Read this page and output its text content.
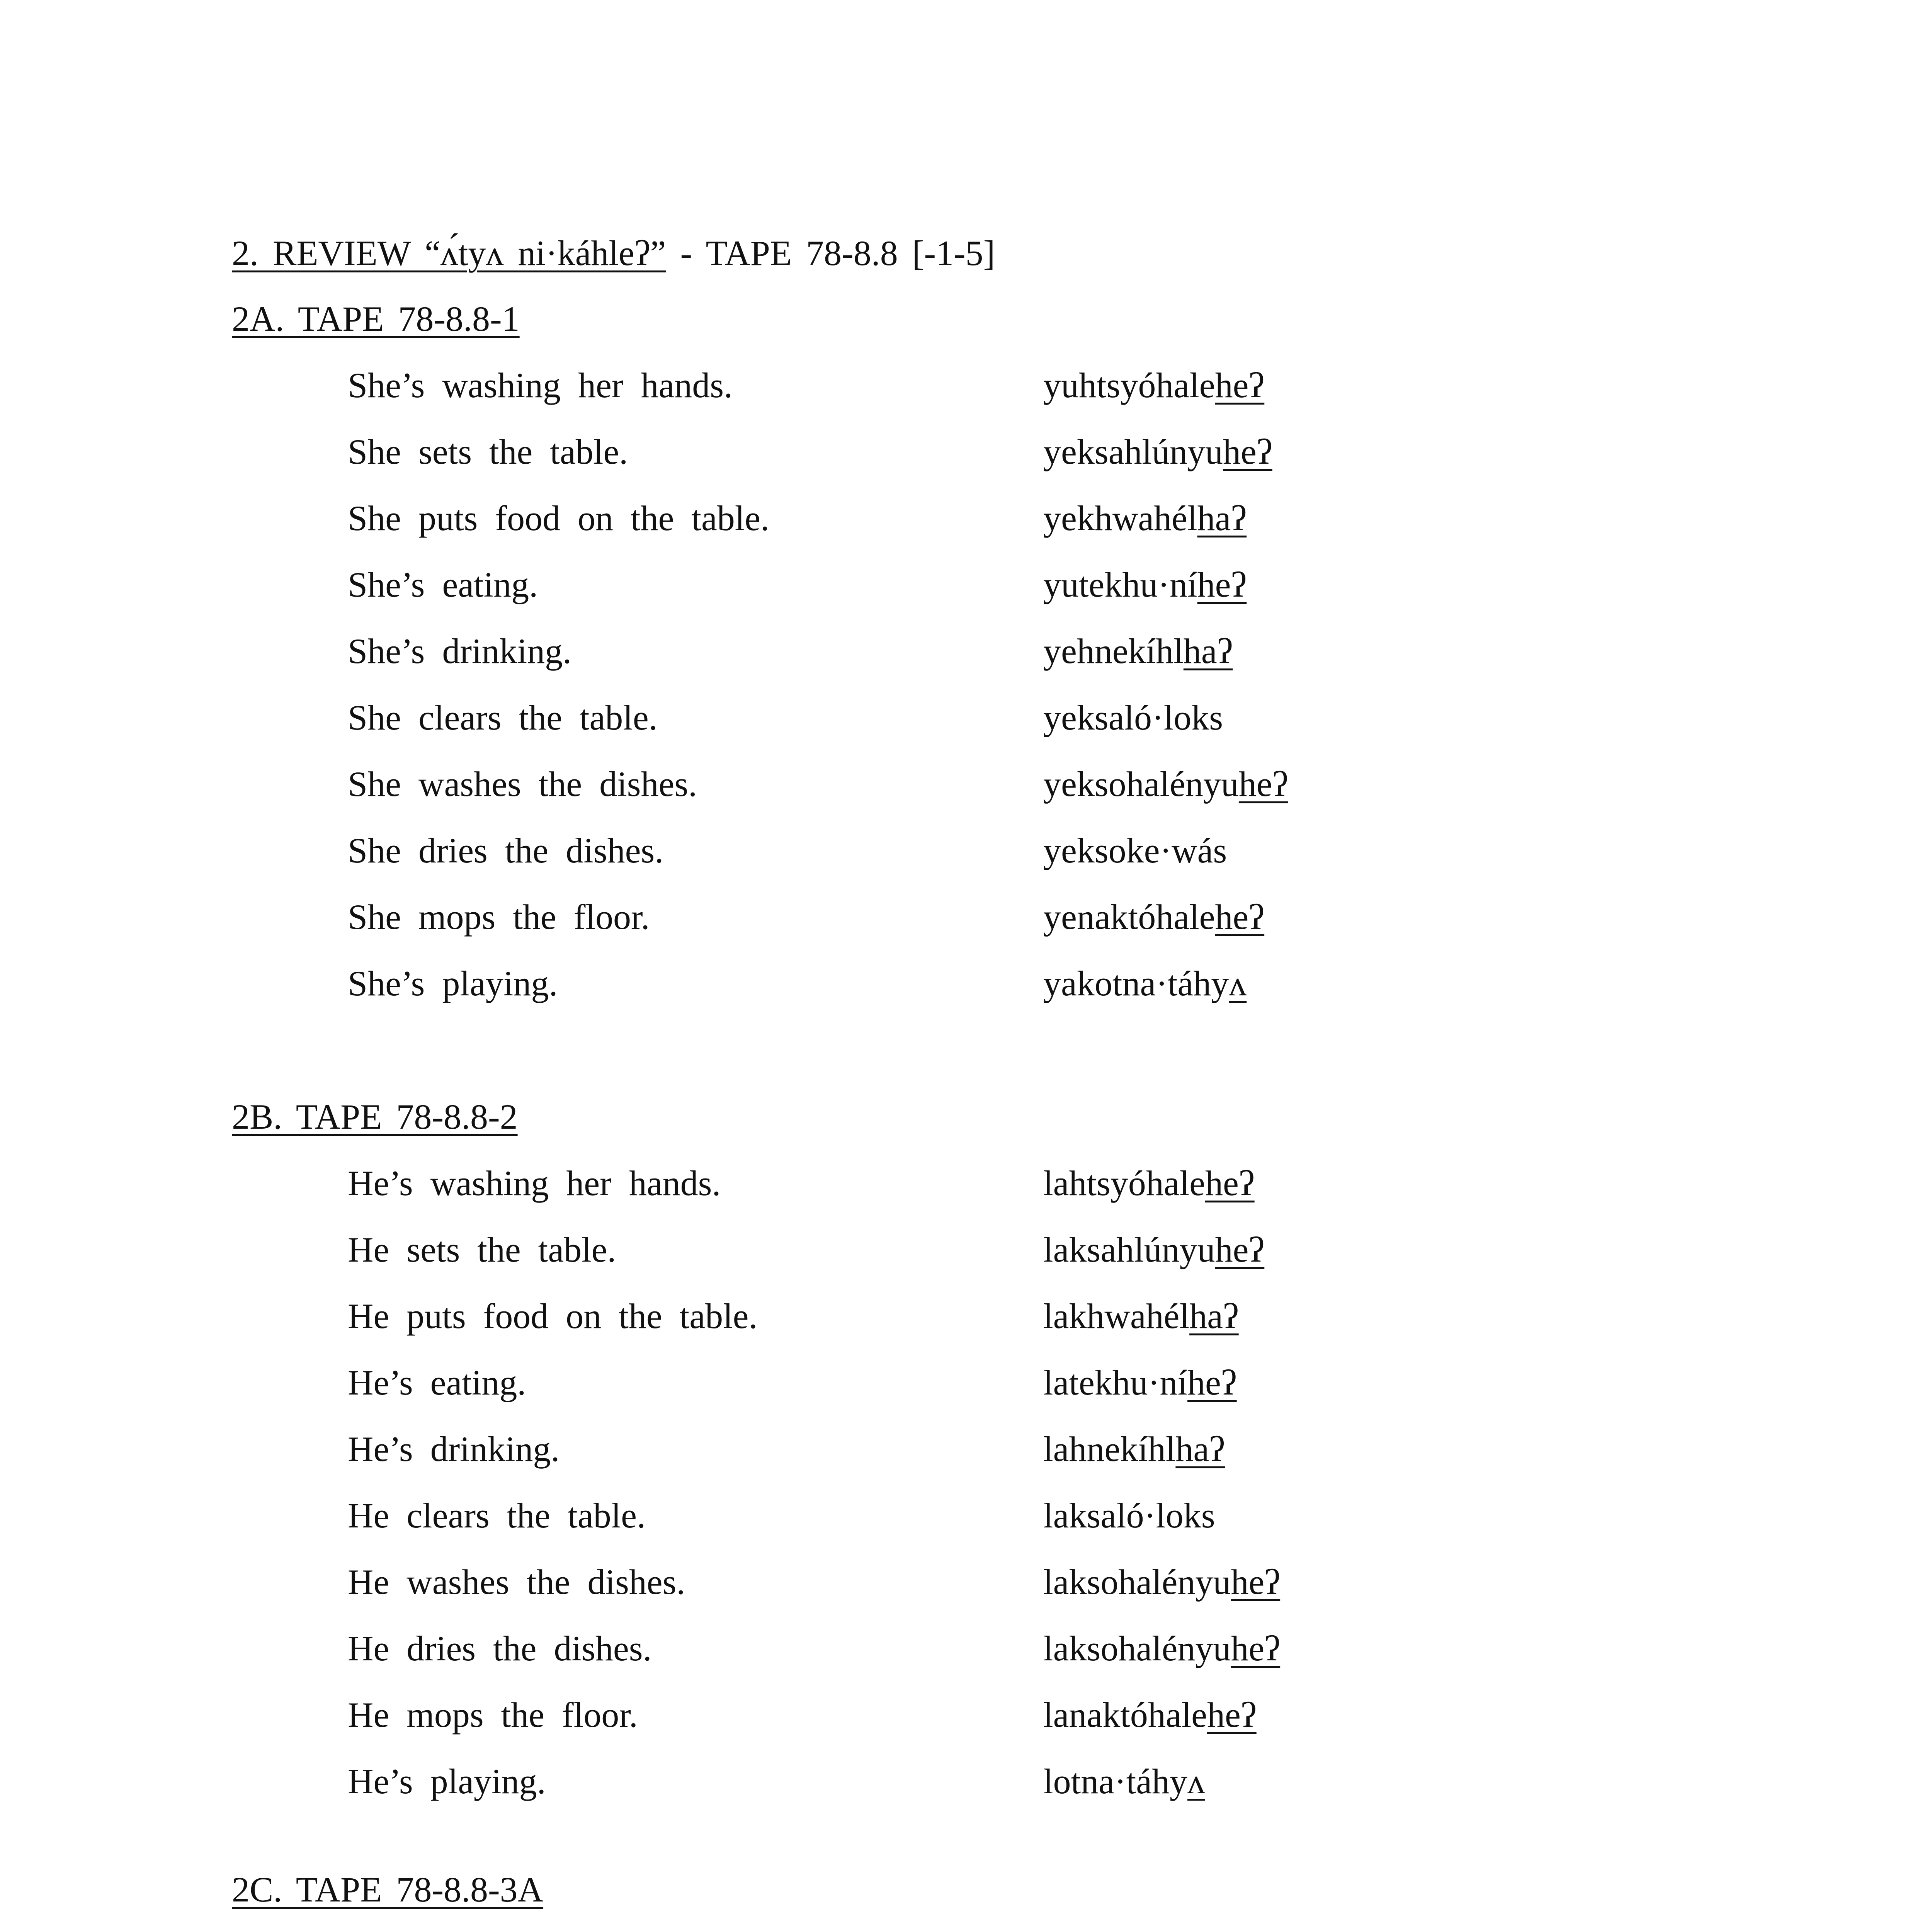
2. REVIEW “ʌ́tyʌ ni·káhleʔ” - TAPE 78-8.8 [-1-5]
2A. TAPE 78-8.8-1
She’s washing her hands.	yuhtsyóhaleheʔ
She sets the table.	yeksahlúnyuheʔ
She puts food on the table.	yekhwahélhaʔ
She’s eating.	yutekhu·níheʔ
She’s drinking.	yehnekíhlhaʔ
She clears the table.	yeksaló·loks
She washes the dishes.	yeksohalényuheʔ
She dries the dishes.	yeksoke·wás
She mops the floor.	yenaktóhaleheʔ
She’s playing.	yakotna·táhyʌ
2B. TAPE 78-8.8-2
He’s washing her hands.	lahtsyóhaleheʔ
He sets the table.	laksahlúnyuheʔ
He puts food on the table.	lakhwahélhaʔ
He’s eating.	latekhu·níheʔ
He’s drinking.	lahnekíhlhaʔ
He clears the table.	laksaló·loks
He washes the dishes.	laksohalényuheʔ
He dries the dishes.	laksohalényuheʔ
He mops the floor.	lanaktóhaleheʔ
He’s playing.	lotna·táhyʌ
2C. TAPE 78-8.8-3A
